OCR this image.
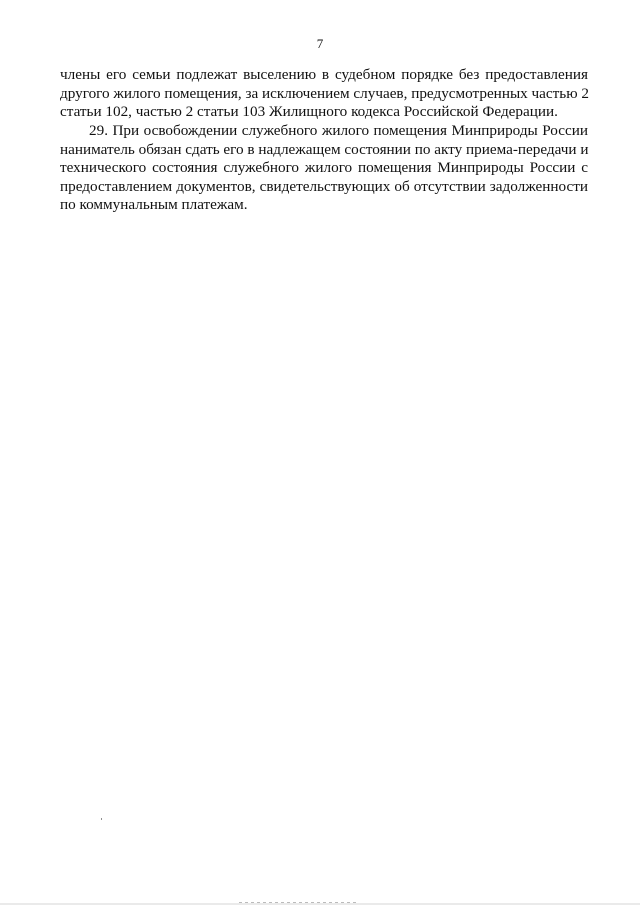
7
члены его семьи подлежат выселению в судебном порядке без предоставления
другого жилого помещения, за исключением случаев, предусмотренных частью 2
статьи 102, частью 2 статьи 103 Жилищного кодекса Российской Федерации.
29. При освобождении служебного жилого помещения Минприроды России
наниматель обязан сдать его в надлежащем состоянии по акту приема-передачи и
технического состояния служебного жилого помещения Минприроды России с
предоставлением документов, свидетельствующих об отсутствии задолженности
по коммунальным платежам.
